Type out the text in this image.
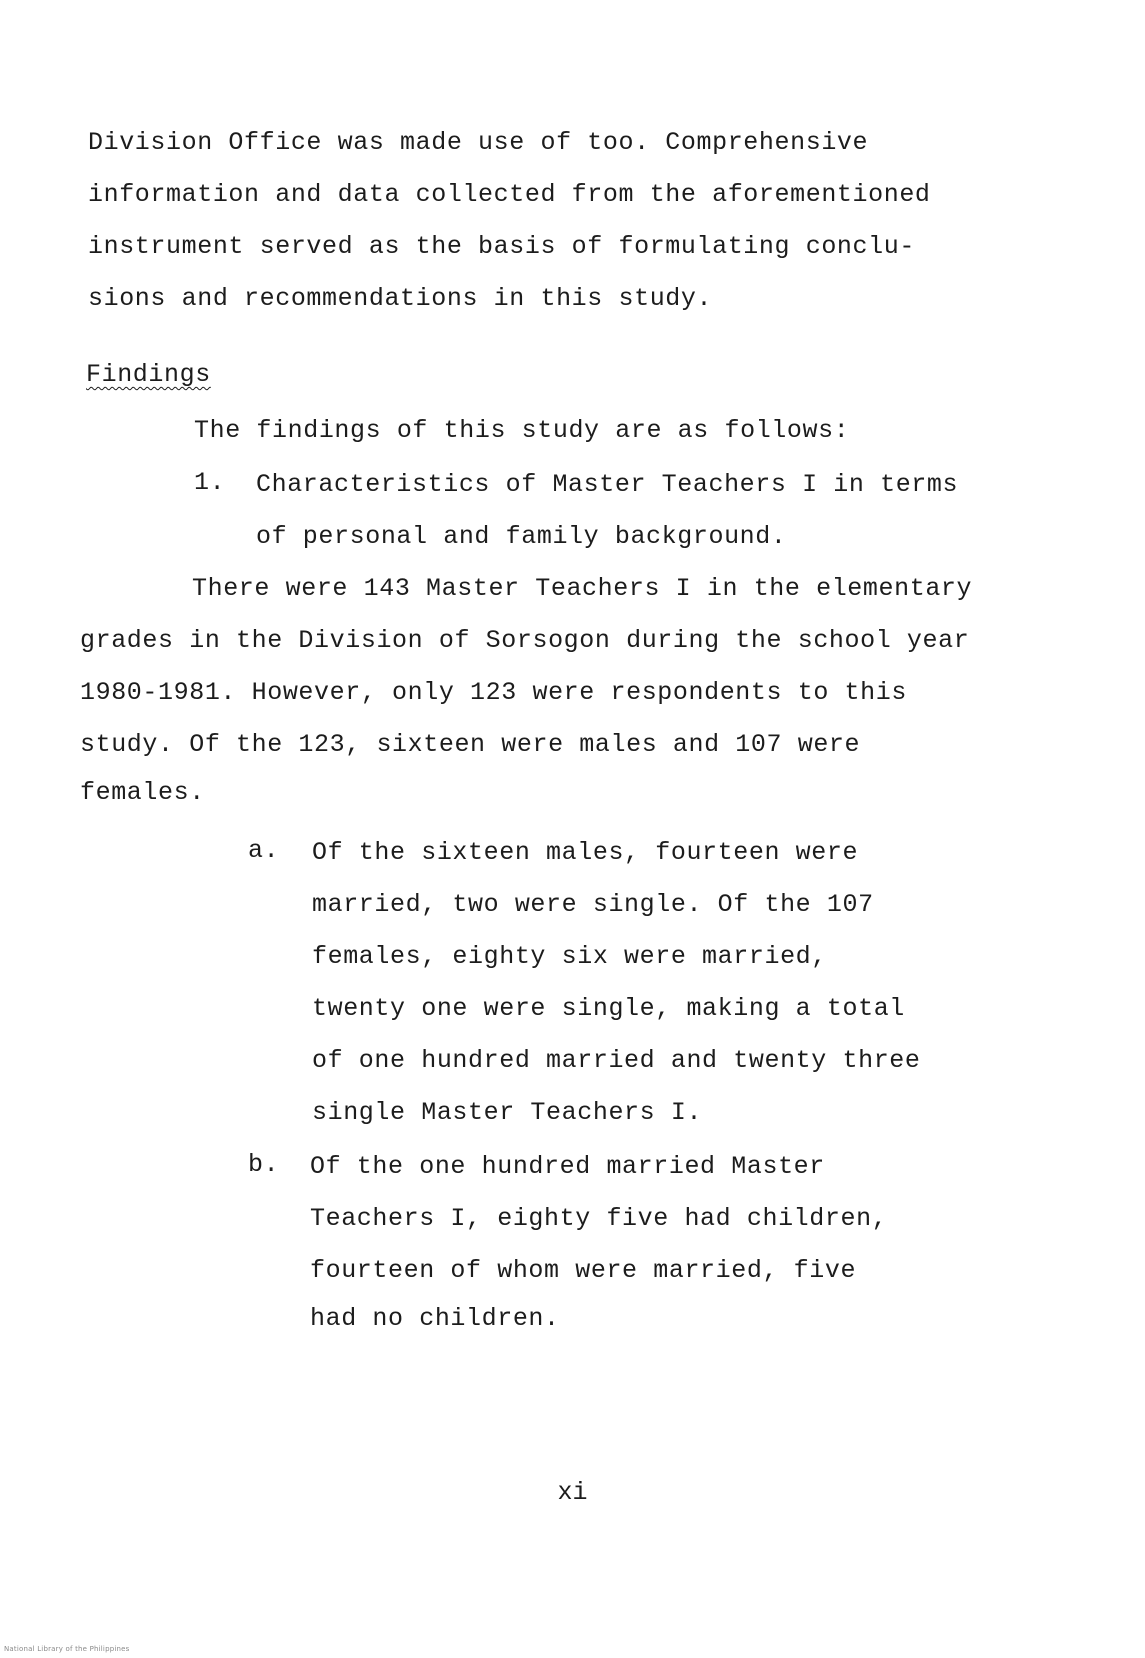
Division Office was made use of too. Comprehensive
information and data collected from the aforementioned
instrument served as the basis of formulating conclu-
sions and recommendations in this study.
Findings
The findings of this study are as follows:
1. Characteristics of Master Teachers I in terms
of personal and family background.
There were 143 Master Teachers I in the elementary
grades in the Division of Sorsogon during the school year
1980-1981. However, only 123 were respondents to this
study. Of the 123, sixteen were males and 107 were
females.
a. Of the sixteen males, fourteen were
married, two were single. Of the 107
females, eighty six were married,
twenty one were single, making a total
of one hundred married and twenty three
single Master Teachers I.
b. Of the one hundred married Master
Teachers I, eighty five had children,
fourteen of whom were married, five
had no children.
xi
National Library of the Philippines
